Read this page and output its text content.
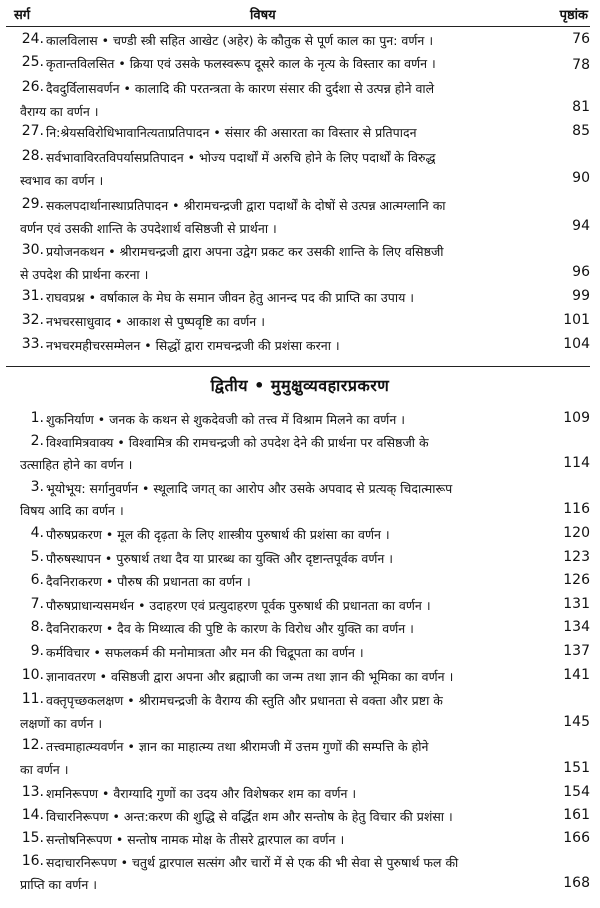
सर्ग	विषय	पृष्ठांक
24. कालविलास • चण्डी स्त्री सहित आखेट (अहेर) के कौतुक से पूर्ण काल का पुन: वर्णन ।	76
25. कृतान्तविलसित • क्रिया एवं उसके फलस्वरूप दूसरे काल के नृत्य के विस्तार का वर्णन ।	78
26. दैवदुर्विलासवर्णन • कालादि की परतन्त्रता के कारण संसार की दुर्दशा से उत्पन्न होने वाले
वैराग्य का वर्णन ।	81
27. नि:श्रेयसविरोधिभावानित्यताप्रतिपादन • संसार की असारता का विस्तार से प्रतिपादन	85
28. सर्वभावाविरतविपर्यासप्रतिपादन • भोज्य पदार्थों में अरुचि होने के लिए पदार्थों के विरुद्ध
स्वभाव का वर्णन ।	90
29. सकलपदार्थानास्थाप्रतिपादन • श्रीरामचन्द्रजी द्वारा पदार्थों के दोषों से उत्पन्न आत्मग्लानि का
वर्णन एवं उसकी शान्ति के उपदेशार्थ वसिष्ठजी से प्रार्थना ।	94
30. प्रयोजनकथन • श्रीरामचन्द्रजी द्वारा अपना उद्वेग प्रकट कर उसकी शान्ति के लिए वसिष्ठजी
से उपदेश की प्रार्थना करना ।	96
31. राघवप्रश्न • वर्षाकाल के मेघ के समान जीवन हेतु आनन्द पद की प्राप्ति का उपाय ।	99
32. नभचरसाधुवाद • आकाश से पुष्पवृष्टि का वर्णन ।	101
33. नभचरमहीचरसम्मेलन • सिद्धों द्वारा रामचन्द्रजी की प्रशंसा करना ।	104
द्वितीय • मुमुक्षुव्यवहारप्रकरण
1. शुकनिर्याण • जनक के कथन से शुकदेवजी को तत्त्व में विश्राम मिलने का वर्णन ।	109
2. विश्वामित्रवाक्य • विश्वामित्र की रामचन्द्रजी को उपदेश देने की प्रार्थना पर वसिष्ठजी के
उत्साहित होने का वर्णन ।	114
3. भूयोभूय: सर्गानुवर्णन • स्थूलादि जगत् का आरोप और उसके अपवाद से प्रत्यक् चिदात्मारूप
विषय आदि का वर्णन ।	116
4. पौरुषप्रकरण • मूल की दृढ़ता के लिए शास्त्रीय पुरुषार्थ की प्रशंसा का वर्णन ।	120
5. पौरुषस्थापन • पुरुषार्थ तथा दैव या प्रारब्ध का युक्ति और दृष्टान्तपूर्वक वर्णन ।	123
6. दैवनिराकरण • पौरुष की प्रधानता का वर्णन ।	126
7. पौरुषप्राधान्यसमर्थन • उदाहरण एवं प्रत्युदाहरण पूर्वक पुरुषार्थ की प्रधानता का वर्णन ।	131
8. दैवनिराकरण • दैव के मिथ्यात्व की पुष्टि के कारण के विरोध और युक्ति का वर्णन ।	134
9. कर्मविचार • सफलकर्म की मनोमात्रता और मन की चिद्रूपता का वर्णन ।	137
10. ज्ञानावतरण • वसिष्ठजी द्वारा अपना और ब्रह्माजी का जन्म तथा ज्ञान की भूमिका का वर्णन ।	141
11. वक्तृपृच्छकलक्षण • श्रीरामचन्द्रजी के वैराग्य की स्तुति और प्रधानता से वक्ता और प्रष्टा के
लक्षणों का वर्णन ।	145
12. तत्त्वमाहात्म्यवर्णन • ज्ञान का माहात्म्य तथा श्रीरामजी में उत्तम गुणों की सम्पत्ति के होने
का वर्णन ।	151
13. शमनिरूपण • वैराग्यादि गुणों का उदय और विशेषकर शम का वर्णन ।	154
14. विचारनिरूपण • अन्त:करण की शुद्धि से वर्द्धित शम और सन्तोष के हेतु विचार की प्रशंसा ।	161
15. सन्तोषनिरूपण • सन्तोष नामक मोक्ष के तीसरे द्वारपाल का वर्णन ।	166
16. सदाचारनिरूपण • चतुर्थ द्वारपाल सत्संग और चारों में से एक की भी सेवा से पुरुषार्थ फल की
प्राप्ति का वर्णन ।	168
